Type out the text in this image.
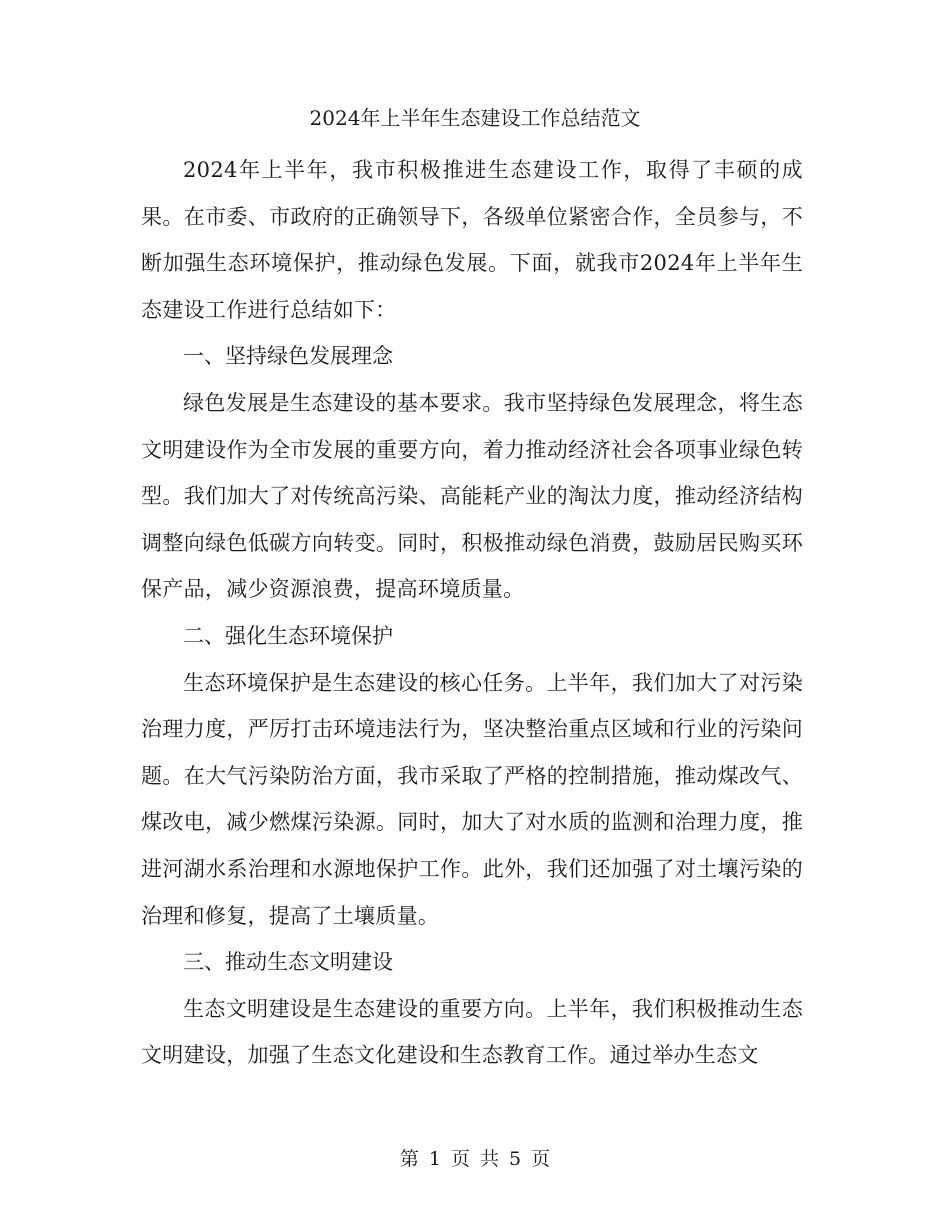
2024年上半年生态建设工作总结范文

2024年上半年，我市积极推进生态建设工作，取得了丰硕的成果。在市委、市政府的正确领导下，各级单位紧密合作，全员参与，不断加强生态环境保护，推动绿色发展。下面，就我市2024年上半年生态建设工作进行总结如下：

一、坚持绿色发展理念

绿色发展是生态建设的基本要求。我市坚持绿色发展理念，将生态文明建设作为全市发展的重要方向，着力推动经济社会各项事业绿色转型。我们加大了对传统高污染、高能耗产业的淘汰力度，推动经济结构调整向绿色低碳方向转变。同时，积极推动绿色消费，鼓励居民购买环保产品，减少资源浪费，提高环境质量。

二、强化生态环境保护

生态环境保护是生态建设的核心任务。上半年，我们加大了对污染治理力度，严厉打击环境违法行为，坚决整治重点区域和行业的污染问题。在大气污染防治方面，我市采取了严格的控制措施，推动煤改气、煤改电，减少燃煤污染源。同时，加大了对水质的监测和治理力度，推进河湖水系治理和水源地保护工作。此外，我们还加强了对土壤污染的治理和修复，提高了土壤质量。

三、推动生态文明建设

生态文明建设是生态建设的重要方向。上半年，我们积极推动生态文明建设，加强了生态文化建设和生态教育工作。通过举办生态文

第 1 页 共 5 页
